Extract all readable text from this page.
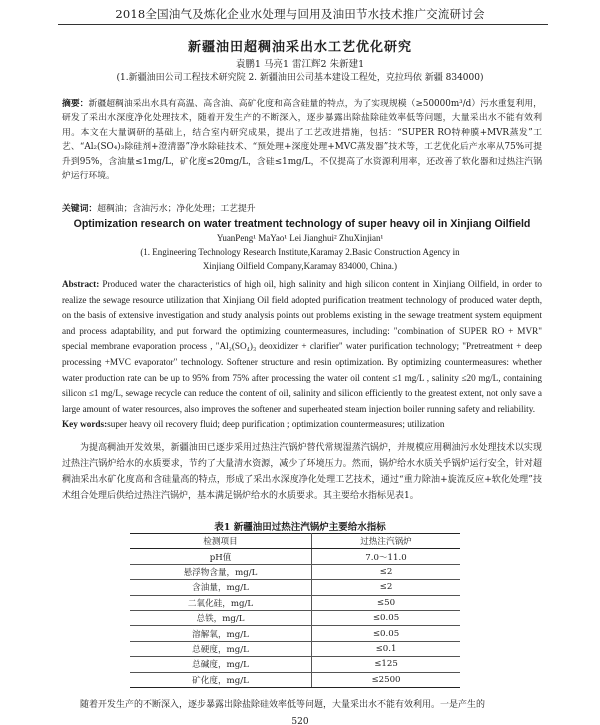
2018全国油气及炼化企业水处理与回用及油田节水技术推广交流研讨会
新疆油田超稠油采出水工艺优化研究
袁鹏1 马亮1 雷江辉2 朱新建1
(1.新疆油田公司工程技术研究院 2. 新疆油田公司基本建设工程处，克拉玛依 新疆 834000)
摘要：新疆超稠油采出水具有高温、高含油、高矿化度和高含硅量的特点，为了实现规模（≥50000m³/d）污水重复利用，研发了采出水深度净化处理技术，随着开发生产的不断深入，逐步暴露出除盐除硅效率低等问题，大量采出水不能有效利用。本文在大量调研的基础上，结合室内研究成果，提出了工艺改进措施，包括：“SUPER RO特种膜+MVR蒸发”工艺、“Al₂(SO₄)₃除硅剂+澄清器”净水除硅技术、“预处理+深度处理+MVC蒸发器”技术等，工艺优化后产水率从75%可提升到95%，含油量≤1mg/L，矿化度≤20mg/L，含硅≤1mg/L，不仅提高了水资源利用率，还改善了软化器和过热注汽锅炉运行环境。
关键词：超稠油；含油污水；净化处理；工艺提升
Optimization research on water treatment technology of super heavy oil in Xinjiang Oilfield
YuanPeng¹ MaYao¹ Lei Jianghui² ZhuXinjian¹
(1. Engineering Technology Research Institute,Karamay 2.Basic Construction Agency in Xinjiang Oilfield Company,Karamay 834000, China.)
Abstract: Produced water the characteristics of high oil, high salinity and high silicon content in Xinjiang Oilfield, in order to realize the sewage resource utilization that Xinjiang Oil field adopted purification treatment technology of produced water depth, on the basis of extensive investigation and study analysis points out problems existing in the sewage treatment system equipment and process adaptability, and put forward the optimizing countermeasures, including: "combination of SUPER RO + MVR" special membrane evaporation process , "Al₂(SO₄)₃ deoxidizer + clarifier" water purification technology; "Pretreatment + deep processing +MVC evaporator" technology. Softener structure and resin optimization. By optimizing countermeasures: whether water production rate can be up to 95% from 75% after processing the water oil content ≤1 mg/L , salinity ≤20 mg/L, containing silicon ≤1 mg/L, sewage recycle can reduce the content of oil, salinity and silicon efficiently to the greatest extent, not only save a large amount of water resources, also improves the softener and superheated steam injection boiler running safety and reliability.
Key words:super heavy oil recovery fluid; deep purification ; optimization countermeasures; utilization
为提高稠油开发效果，新疆油田已逐步采用过热注汽锅炉替代常规湿蒸汽锅炉，并规模应用稠油污水处理技术以实现过热注汽锅炉给水的水质要求，节约了大量清水资源，减少了环境压力。然而，锅炉给水水质关乎锅炉运行安全，针对超稠油采出水矿化度高和含硅量高的特点，形成了采出水深度净化处理工艺技术，通过“重力除油+旋流反应+软化处理”技术组合处理后供给过热注汽锅炉，基本满足锅炉给水的水质要求。其主要给水指标见表1。
表1 新疆油田过热注汽锅炉主要给水指标
检测项目	过热注汽锅炉
pH值	7.0～11.0
悬浮物含量，mg/L	≤2
含油量，mg/L	≤2
二氧化硅，mg/L	≤50
总铁，mg/L	≤0.05
溶解氧，mg/L	≤0.05
总硬度，mg/L	≤0.1
总碱度，mg/L	≤125
矿化度，mg/L	≤2500
随着开发生产的不断深入，逐步暴露出除盐除硅效率低等问题，大量采出水不能有效利用。一是产生的
520
